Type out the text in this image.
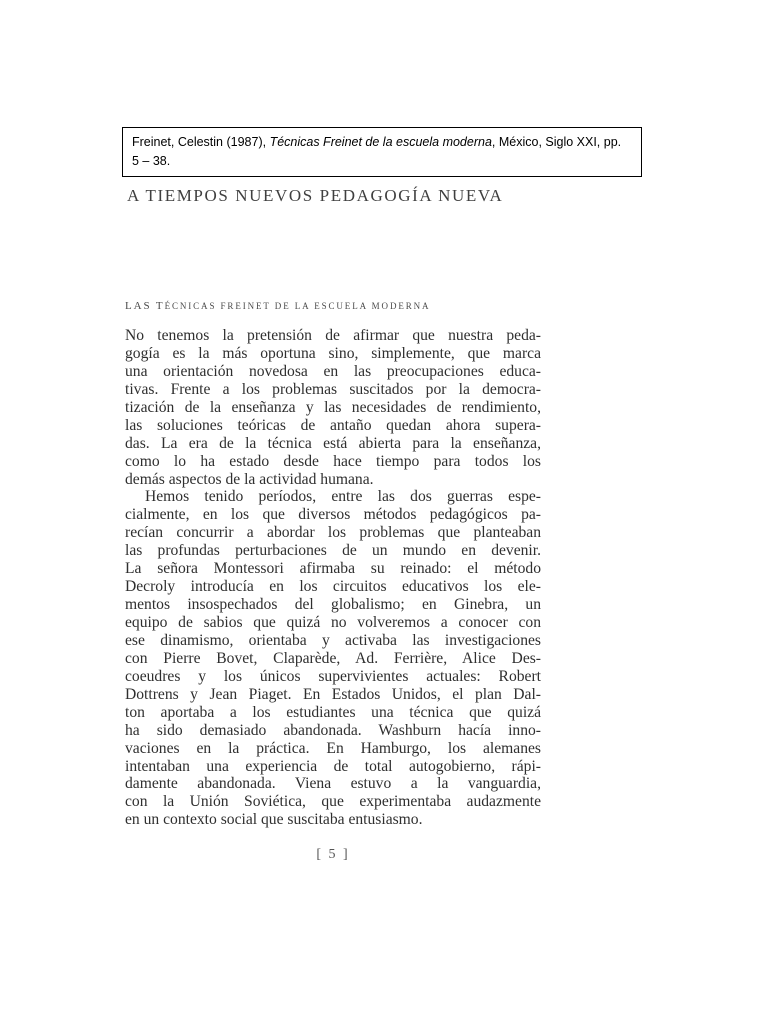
Freinet, Celestin (1987), Técnicas Freinet de la escuela moderna, México, Siglo XXI, pp.
5 – 38.
A TIEMPOS NUEVOS PEDAGOGÍA NUEVA
LAS TÉCNICAS FREINET DE LA ESCUELA MODERNA
No tenemos la pretensión de afirmar que nuestra peda-
gogía es la más oportuna sino, simplemente, que marca
una orientación novedosa en las preocupaciones educa-
tivas. Frente a los problemas suscitados por la democra-
tización de la enseñanza y las necesidades de rendimiento,
las soluciones teóricas de antaño quedan ahora supera-
das. La era de la técnica está abierta para la enseñanza,
como lo ha estado desde hace tiempo para todos los
demás aspectos de la actividad humana.
Hemos tenido períodos, entre las dos guerras espe-
cialmente, en los que diversos métodos pedagógicos pa-
recían concurrir a abordar los problemas que planteaban
las profundas perturbaciones de un mundo en devenir.
La señora Montessori afirmaba su reinado: el método
Decroly introducía en los circuitos educativos los ele-
mentos insospechados del globalismo; en Ginebra, un
equipo de sabios que quizá no volveremos a conocer con
ese dinamismo, orientaba y activaba las investigaciones
con Pierre Bovet, Claparède, Ad. Ferrière, Alice Des-
coeudres y los únicos supervivientes actuales: Robert
Dottrens y Jean Piaget. En Estados Unidos, el plan Dal-
ton aportaba a los estudiantes una técnica que quizá
ha sido demasiado abandonada. Washburn hacía inno-
vaciones en la práctica. En Hamburgo, los alemanes
intentaban una experiencia de total autogobierno, rápi-
damente abandonada. Viena estuvo a la vanguardia,
con la Unión Soviética, que experimentaba audazmente
en un contexto social que suscitaba entusiasmo.
[ 5 ]
